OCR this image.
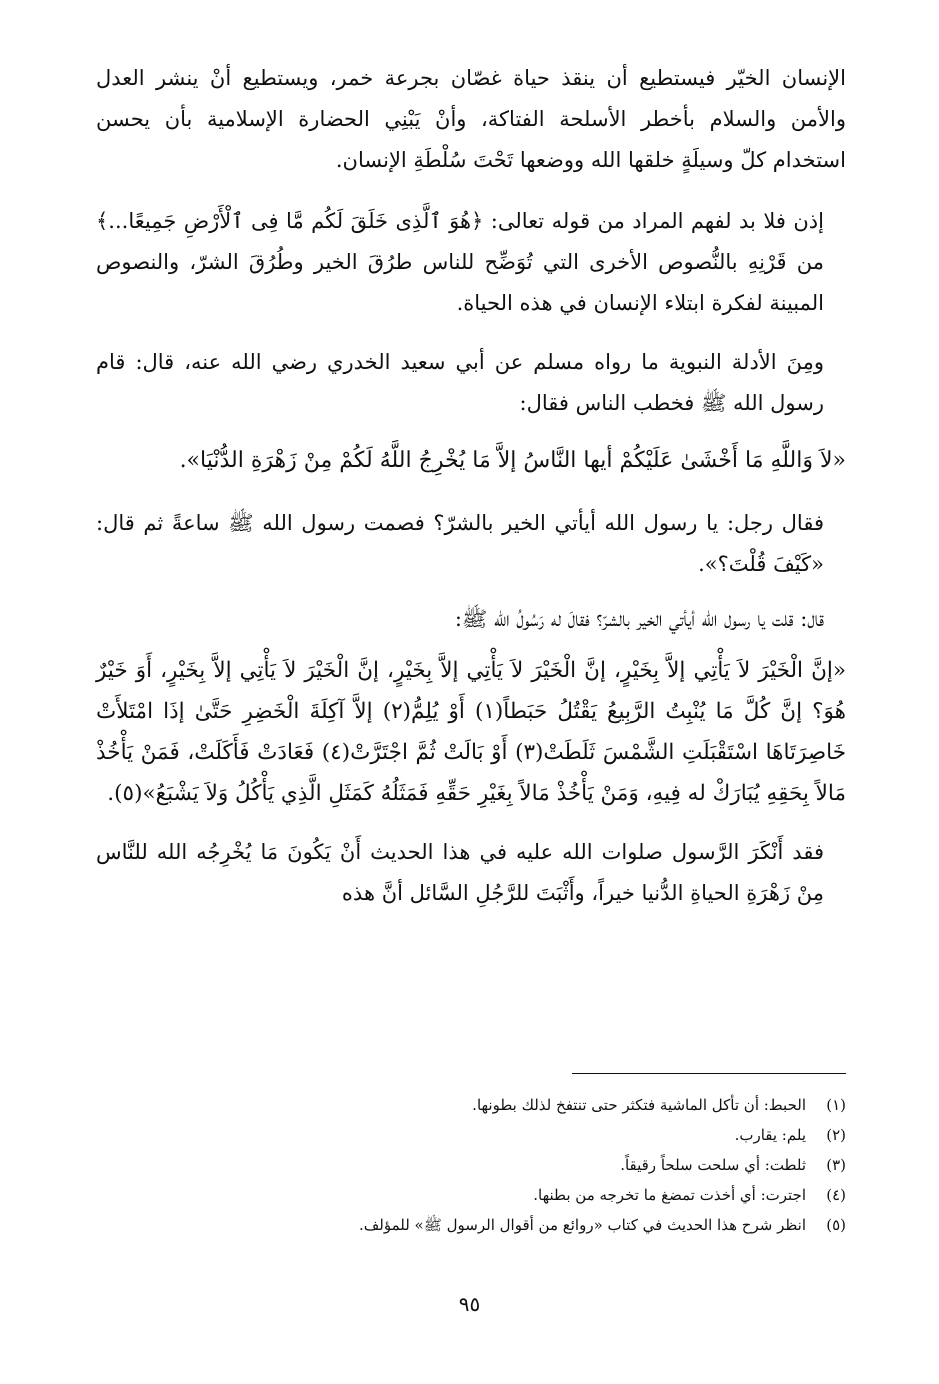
الإنسان الخيّر فيستطيع أن ينقذ حياة غصّان بجرعة خمر، ويستطيع أنْ ينشر العدل والأمن والسلام بأخطر الأسلحة الفتاكة، وأنْ يَبْنِي الحضارة الإسلامية بأن يحسن استخدام كلّ وسيلَةٍ خلقها الله ووضعها تَحْتَ سُلْطَةِ الإنسان.

إذن فلا بد لفهم المراد من قوله تعالى: ﴿هُوَ ٱلَّذِى خَلَقَ لَكُم مَّا فِى ٱلْأَرْضِ جَمِيعًا...﴾ من قَرْنِهِ بالنُّصوص الأخرى التي تُوَضِّح للناس طرُقَ الخير وطُرُقَ الشرّ، والنصوص المبينة لفكرة ابتلاء الإنسان في هذه الحياة.

ومِنَ الأدلة النبوية ما رواه مسلم عن أبي سعيد الخدري رضي الله عنه، قال: قام رسول الله ﷺ فخطب الناس فقال:

«لاَ وَاللَّهِ مَا أَخْشَىٰ عَلَيْكُمْ أيها النَّاسُ إلاَّ مَا يُخْرِجُ اللَّهُ لَكُمْ مِنْ زَهْرَةِ الدُّنْيَا».

فقال رجل: يا رسول الله أيأتي الخير بالشرّ؟ فصمت رسول الله ﷺ ساعةً ثم قال: «كَيْفَ قُلْتَ؟».

قال: قلت يا رسول الله أيأتي الخير بالشرّ؟ فقالَ له رَسُولُ الله ﷺ:

«إنَّ الْخَيْرَ لاَ يَأْتِي إلاَّ بِخَيْرٍ، إنَّ الْخَيْرَ لاَ يَأْتِي إلاَّ بِخَيْرٍ، إنَّ الْخَيْرَ لاَ يَأْتِي إلاَّ بِخَيْرٍ، أَوَ خَيْرٌ هُوَ؟ إنَّ كُلَّ مَا يُنْبِتُ الرَّبِيعُ يَقْتُلُ حَبَطاً(١) أَوْ يُلِمُّ(٢) إلاَّ آكِلَةَ الْخَضِرِ حَتَّىٰ إذَا امْتَلأَتْ خَاصِرَتَاهَا اسْتَقْبَلَتِ الشَّمْسَ ثَلَطَتْ(٣) أَوْ بَالَتْ ثُمَّ اجْتَرَّتْ(٤) فَعَادَتْ فَأَكَلَتْ، فَمَنْ يَأْخُذْ مَالاً بِحَقِهِ يُبَارَكْ له فِيهِ، وَمَنْ يَأْخُذْ مَالاً بِغَيْرِ حَقِّهِ فَمَثَلُهُ كَمَثَلِ الَّذِي يَأْكُلُ وَلاَ يَشْبَعُ»(٥).

فقد أَنْكَرَ الرَّسول صلوات الله عليه في هذا الحديث أَنْ يَكُونَ مَا يُخْرِجُه الله للنَّاس مِنْ زَهْرَةِ الحياةِ الدُّنيا خيراً، وأَثْبَتَ للرَّجُلِ السَّائل أنَّ هذه

(١)
الحبط: أن تأكل الماشية فتكثر حتى تنتفخ لذلك بطونها.
(٢)
يلم: يقارب.
(٣)
ثلطت: أي سلحت سلحاً رقيقاً.
(٤)
اجترت: أي أخذت تمضغ ما تخرجه من بطنها.
(٥)
انظر شرح هذا الحديث في كتاب «روائع من أقوال الرسول ﷺ» للمؤلف.
٩٥
